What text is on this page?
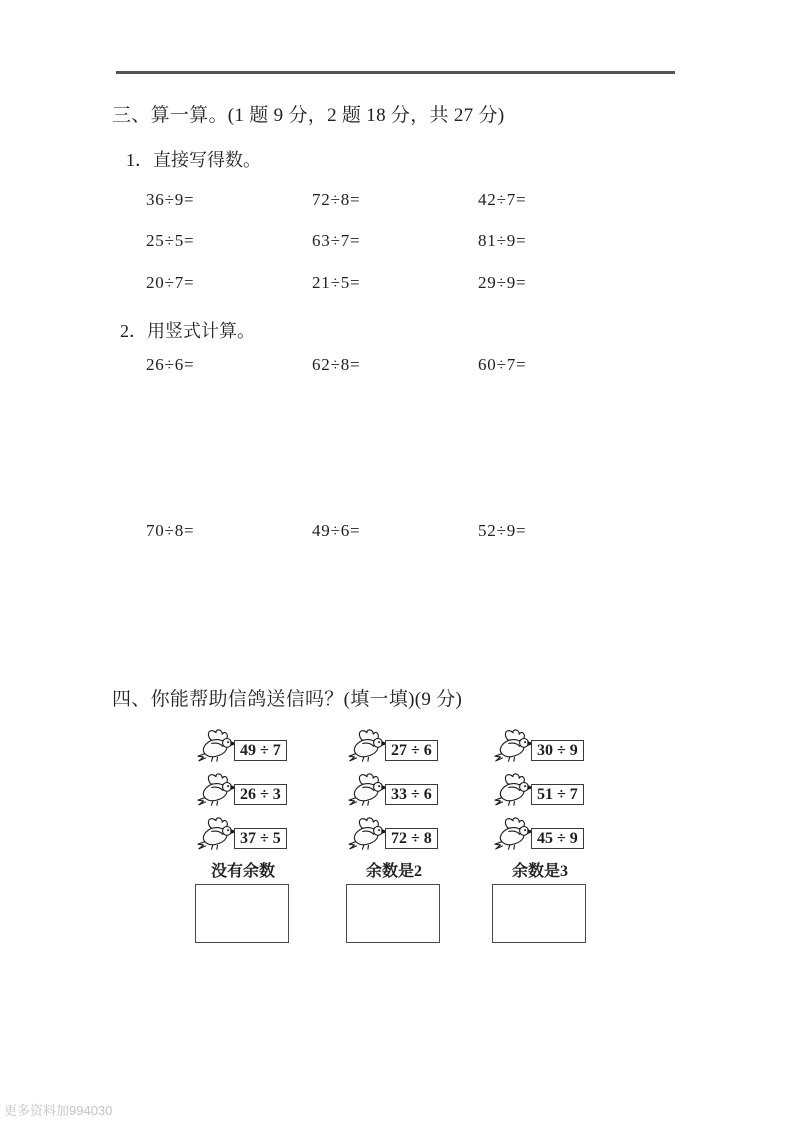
三、算一算。(1 题 9 分，2 题 18 分，共 27 分)
1．直接写得数。
36÷9=	72÷8=	42÷7=
25÷5=	63÷7=	81÷9=
20÷7=	21÷5=	29÷9=
2．用竖式计算。
26÷6=	62÷8=	60÷7=
70÷8=	49÷6=	52÷9=
四、你能帮助信鸽送信吗？(填一填)(9 分)
49 ÷ 7
26 ÷ 3
37 ÷ 5
没有余数
27 ÷ 6
33 ÷ 6
72 ÷ 8
余数是2
30 ÷ 9
51 ÷ 7
45 ÷ 9
余数是3
更多资料加994030
